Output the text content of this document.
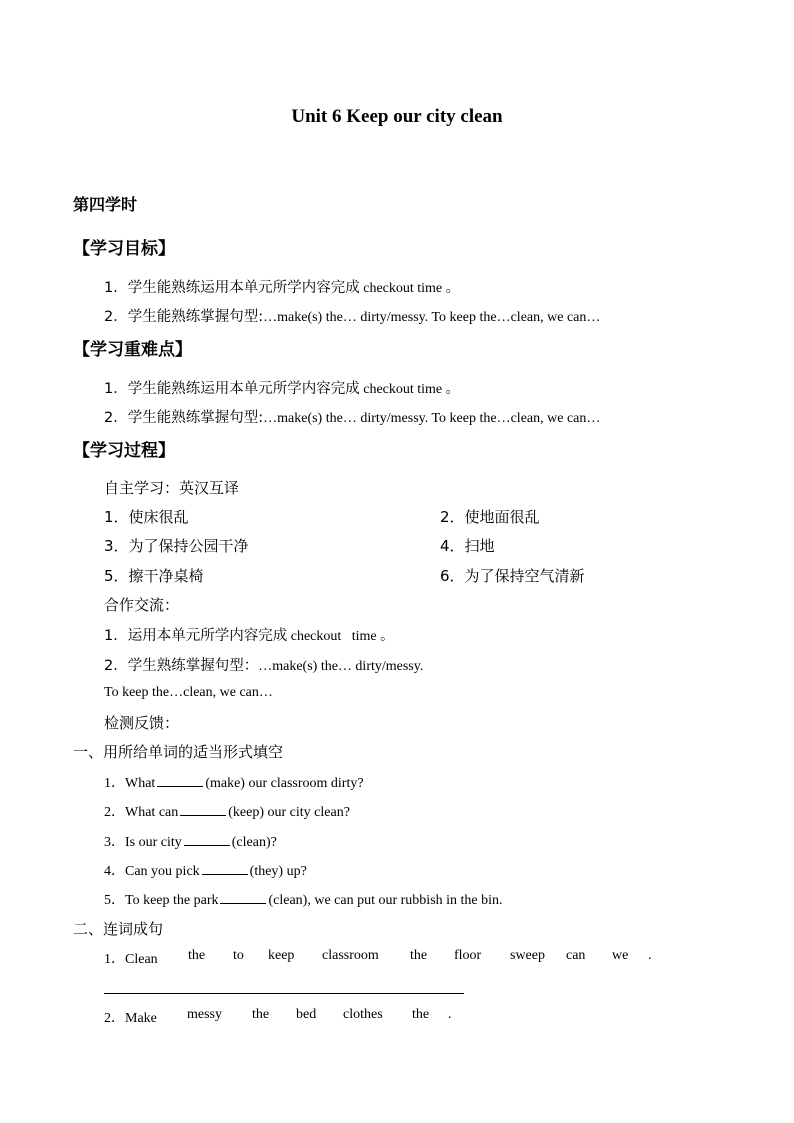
Unit 6 Keep our city clean
第四学时
【学习目标】
1．学生能熟练运用本单元所学内容完成 checkout time 。
2．学生能熟练掌握句型:…make(s) the… dirty/messy. To keep the…clean, we can…
【学习重难点】
1．学生能熟练运用本单元所学内容完成 checkout time 。
2．学生能熟练掌握句型:…make(s) the… dirty/messy. To keep the…clean, we can…
【学习过程】
自主学习：英汉互译
1．使床很乱	2．使地面很乱
3．为了保持公园干净	4．扫地
5．擦干净桌椅	6．为了保持空气清新
合作交流：
1．运用本单元所学内容完成 checkout   time 。
2．学生熟练掌握句型：…make(s) the… dirty/messy.
To keep the…clean, we can…
检测反馈：
一、用所给单词的适当形式填空
1．What	(make) our classroom dirty?
2．What can	(keep) our city clean?
3．Is our city	(clean)?
4．Can you pick	(they) up?
5．To keep the park	(clean), we can put our rubbish in the bin.
二、连词成句
1．Clean the to keep classroom the floor sweep can we .
2．Make messy the bed clothes the .
